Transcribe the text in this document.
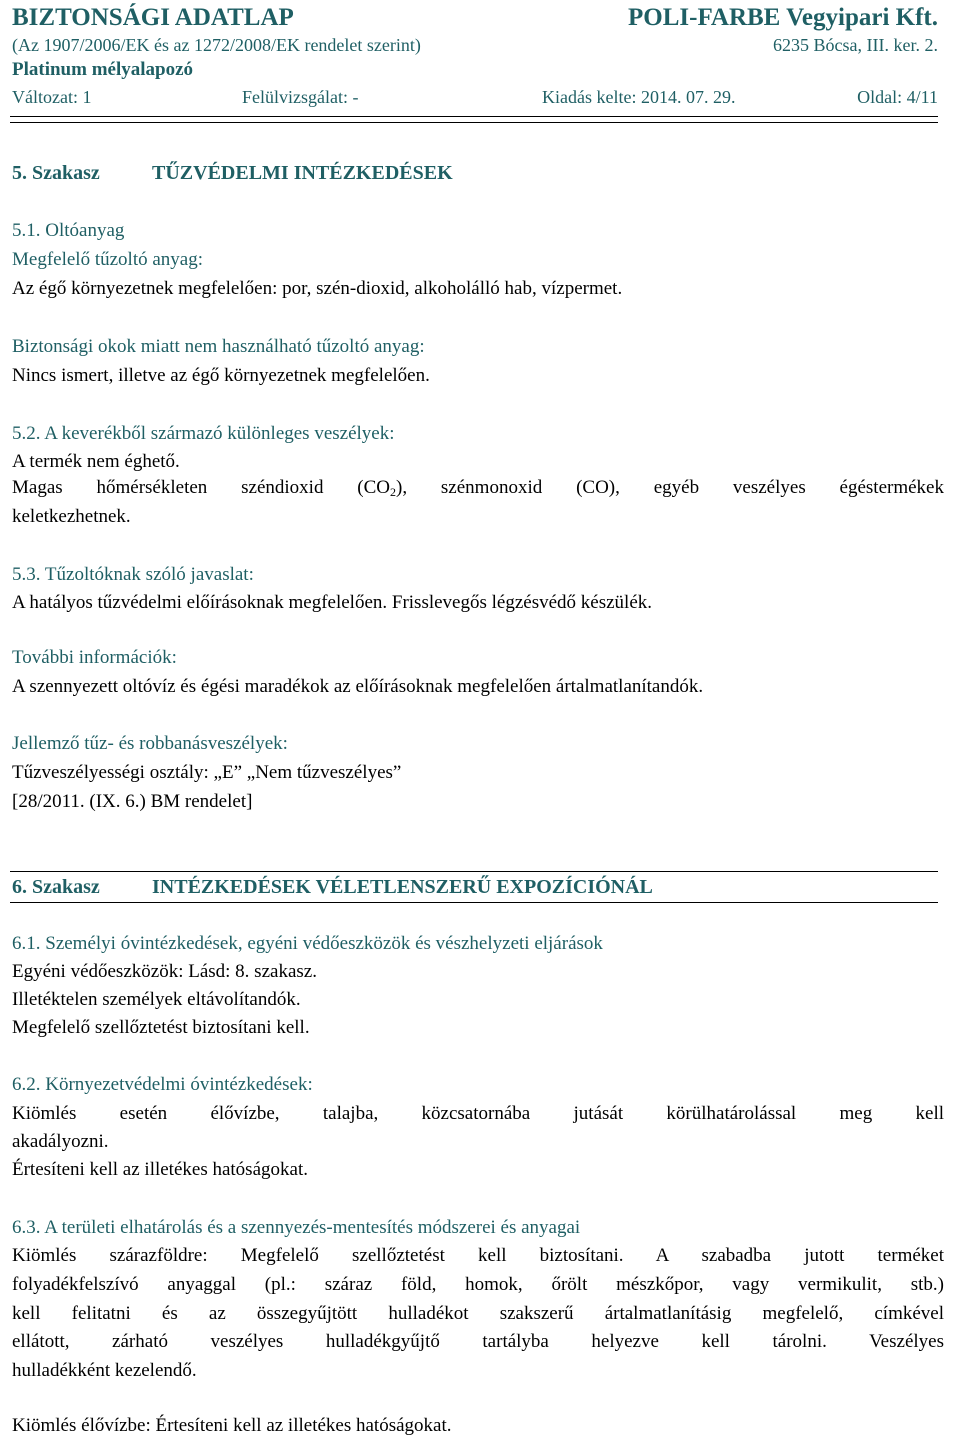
BIZTONSÁGI ADATLAP	POLI-FARBE Vegyipari Kft.
(Az 1907/2006/EK és az 1272/2008/EK rendelet szerint)	6235 Bócsa, III. ker. 2.
Platinum mélyalapozó
Változat: 1	Felülvizsgálat: -	Kiadás kelte: 2014. 07. 29.	Oldal: 4/11
5. Szakasz	TŰZVÉDELMI INTÉZKEDÉSEK
5.1. Oltóanyag
Megfelelő tűzoltó anyag:
Az égő környezetnek megfelelően: por, szén-dioxid, alkoholálló hab, vízpermet.
Biztonsági okok miatt nem használható tűzoltó anyag:
Nincs ismert, illetve az égő környezetnek megfelelően.
5.2. A keverékből származó különleges veszélyek:
A termék nem éghető.
Magas hőmérsékleten széndioxid $(CO_2)$, szénmonoxid (CO), egyéb veszélyes égéstermékek
keletkezhetnek.
5.3. Tűzoltóknak szóló javaslat:
A hatályos tűzvédelmi előírásoknak megfelelően. Frisslevegős légzésvédő készülék.
További információk:
A szennyezett oltóvíz és égési maradékok az előírásoknak megfelelően ártalmatlanítandók.
Jellemző tűz- és robbanásveszélyek:
Tűzveszélyességi osztály: „E” „Nem tűzveszélyes”
[28/2011. (IX. 6.) BM rendelet]
6. Szakasz	INTÉZKEDÉSEK VÉLETLENSZERŰ EXPOZÍCIÓNÁL
6.1. Személyi óvintézkedések, egyéni védőeszközök és vészhelyzeti eljárások
Egyéni védőeszközök: Lásd: 8. szakasz.
Illetéktelen személyek eltávolítandók.
Megfelelő szellőztetést biztosítani kell.
6.2. Környezetvédelmi óvintézkedések:
Kiömlés esetén élővízbe, talajba, közcsatornába jutását körülhatárolással meg kell
akadályozni.
Értesíteni kell az illetékes hatóságokat.
6.3. A területi elhatárolás és a szennyezés-mentesítés módszerei és anyagai
Kiömlés szárazföldre: Megfelelő szellőztetést kell biztosítani. A szabadba jutott terméket
folyadékfelszívó anyaggal (pl.: száraz föld, homok, őrölt mészkőpor, vagy vermikulit, stb.)
kell felitatni és az összegyűjtött hulladékot szakszerű ártalmatlanításig megfelelő, címkével
ellátott, zárható veszélyes hulladékgyűjtő tartályba helyezve kell tárolni. Veszélyes
hulladékként kezelendő.
Kiömlés élővízbe: Értesíteni kell az illetékes hatóságokat.
